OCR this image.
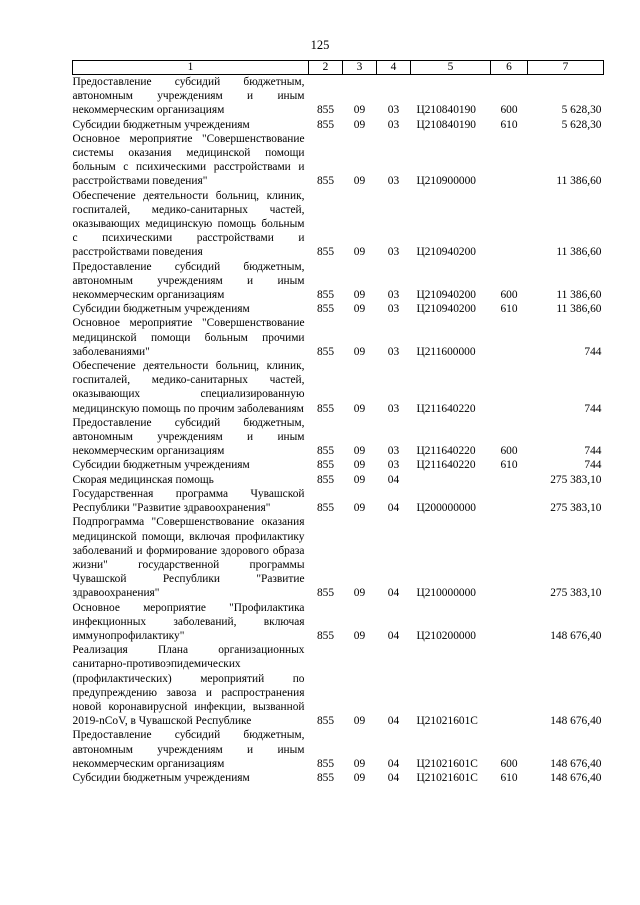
125
1	2	3	4	5	6	7
Предоставление субсидий бюджетным, автономным учреждениям и иным некоммерческим организациям	855	09	03	Ц210840190	600	5 628,30
Субсидии бюджетным учреждениям	855	09	03	Ц210840190	610	5 628,30
Основное мероприятие "Совершенствование системы оказания медицинской помощи больным с психическими расстройствами и расстройствами поведения"	855	09	03	Ц210900000		11 386,60
Обеспечение деятельности больниц, клиник, госпиталей, медико-санитарных частей, оказывающих медицинскую помощь больным с психическими расстройствами и расстройствами поведения	855	09	03	Ц210940200		11 386,60
Предоставление субсидий бюджетным, автономным учреждениям и иным некоммерческим организациям	855	09	03	Ц210940200	600	11 386,60
Субсидии бюджетным учреждениям	855	09	03	Ц210940200	610	11 386,60
Основное мероприятие "Совершенствование медицинской помощи больным прочими заболеваниями"	855	09	03	Ц211600000		744
Обеспечение деятельности больниц, клиник, госпиталей, медико-санитарных частей, оказывающих специализированную медицинскую помощь по прочим заболеваниям	855	09	03	Ц211640220		744
Предоставление субсидий бюджетным, автономным учреждениям и иным некоммерческим организациям	855	09	03	Ц211640220	600	744
Субсидии бюджетным учреждениям	855	09	03	Ц211640220	610	744
Скорая медицинская помощь	855	09	04			275 383,10
Государственная программа Чувашской Республики "Развитие здравоохранения"	855	09	04	Ц200000000		275 383,10
Подпрограмма "Совершенствование оказания медицинской помощи, включая профилактику заболеваний и формирование здорового образа жизни" государственной программы Чувашской Республики "Развитие здравоохранения"	855	09	04	Ц210000000		275 383,10
Основное мероприятие "Профилактика инфекционных заболеваний, включая иммунопрофилактику"	855	09	04	Ц210200000		148 676,40
Реализация Плана организационных санитарно-противоэпидемических (профилактических) мероприятий по предупреждению завоза и распространения новой коронавирусной инфекции, вызванной 2019-nCoV, в Чувашской Республике	855	09	04	Ц21021601С		148 676,40
Предоставление субсидий бюджетным, автономным учреждениям и иным некоммерческим организациям	855	09	04	Ц21021601С	600	148 676,40
Субсидии бюджетным учреждениям	855	09	04	Ц21021601С	610	148 676,40
